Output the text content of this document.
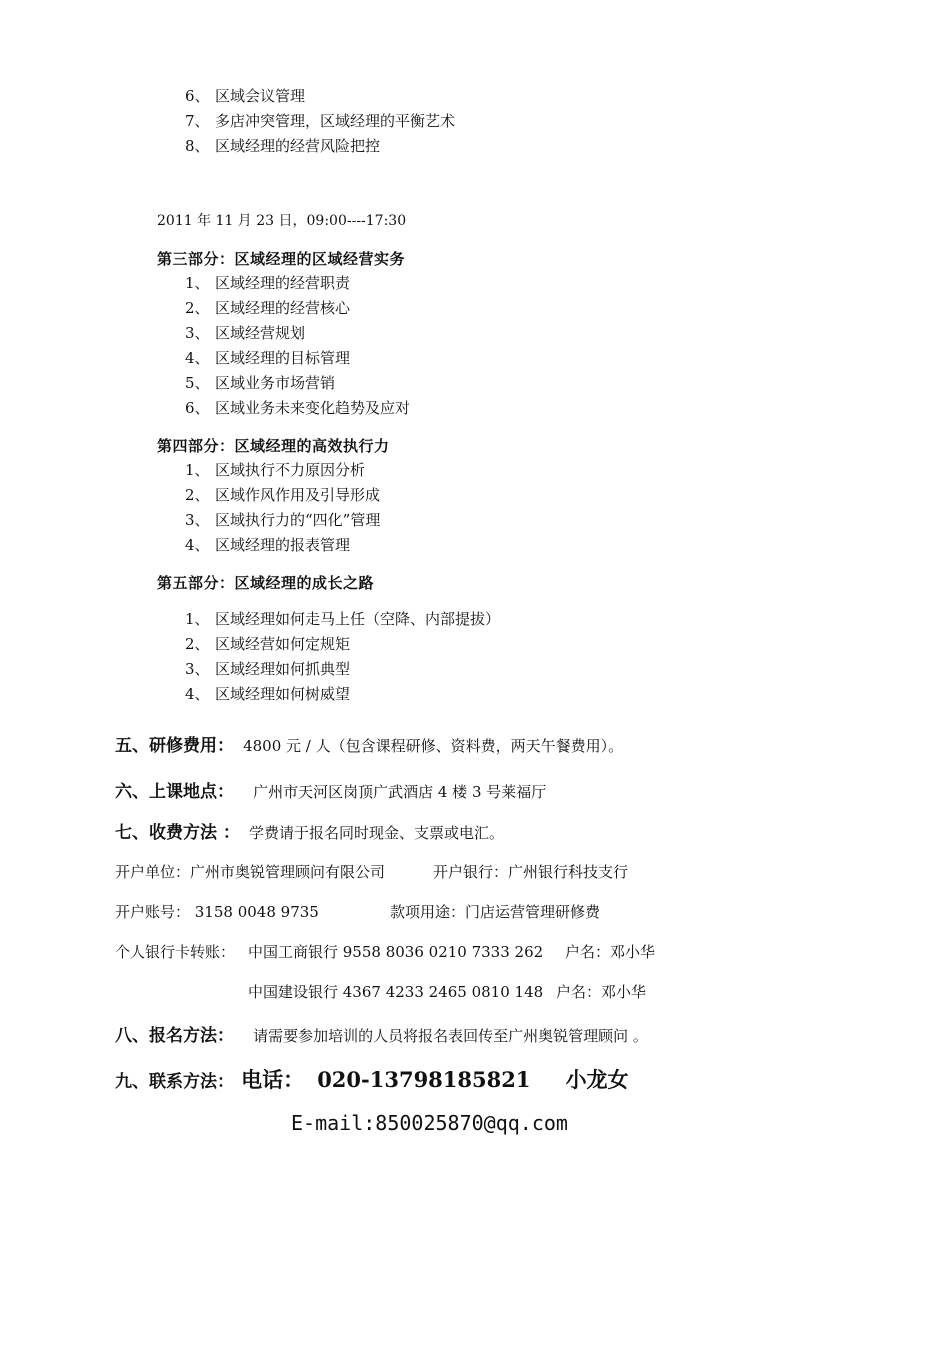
6、 区域会议管理
7、 多店冲突管理，区域经理的平衡艺术
8、 区域经理的经营风险把控
2011 年 11 月 23 日，09:00----17:30
第三部分：区域经理的区域经营实务
1、 区域经理的经营职责
2、 区域经理的经营核心
3、 区域经营规划
4、 区域经理的目标管理
5、 区域业务市场营销
6、 区域业务未来变化趋势及应对
第四部分：区域经理的高效执行力
1、 区域执行不力原因分析
2、 区域作风作用及引导形成
3、 区域执行力的“四化”管理
4、 区域经理的报表管理
第五部分：区域经理的成长之路
1、 区域经理如何走马上任（空降、内部提拔）
2、 区域经营如何定规矩
3、 区域经理如何抓典型
4、 区域经理如何树威望
五、研修费用： 4800 元 / 人（包含课程研修、资料费，两天午餐费用）。
六、上课地点： 广州市天河区岗顶广武酒店 4 楼 3 号莱福厅
七、收费方法 ： 学费请于报名同时现金、支票或电汇。
开户单位：广州市奥锐管理顾问有限公司	开户银行：广州银行科技支行
开户账号： 3158 0048 9735	款项用途：门店运营管理研修费
个人银行卡转账： 中国工商银行 9558 8036 0210 7333 262 户名：邓小华
中国建设银行 4367 4233 2465 0810 148 户名：邓小华
八、报名方法： 请需要参加培训的人员将报名表回传至广州奥锐管理顾问 。
九、联系方法： 电话： 020-13798185821 小龙女
E-mail:850025870@qq.com
